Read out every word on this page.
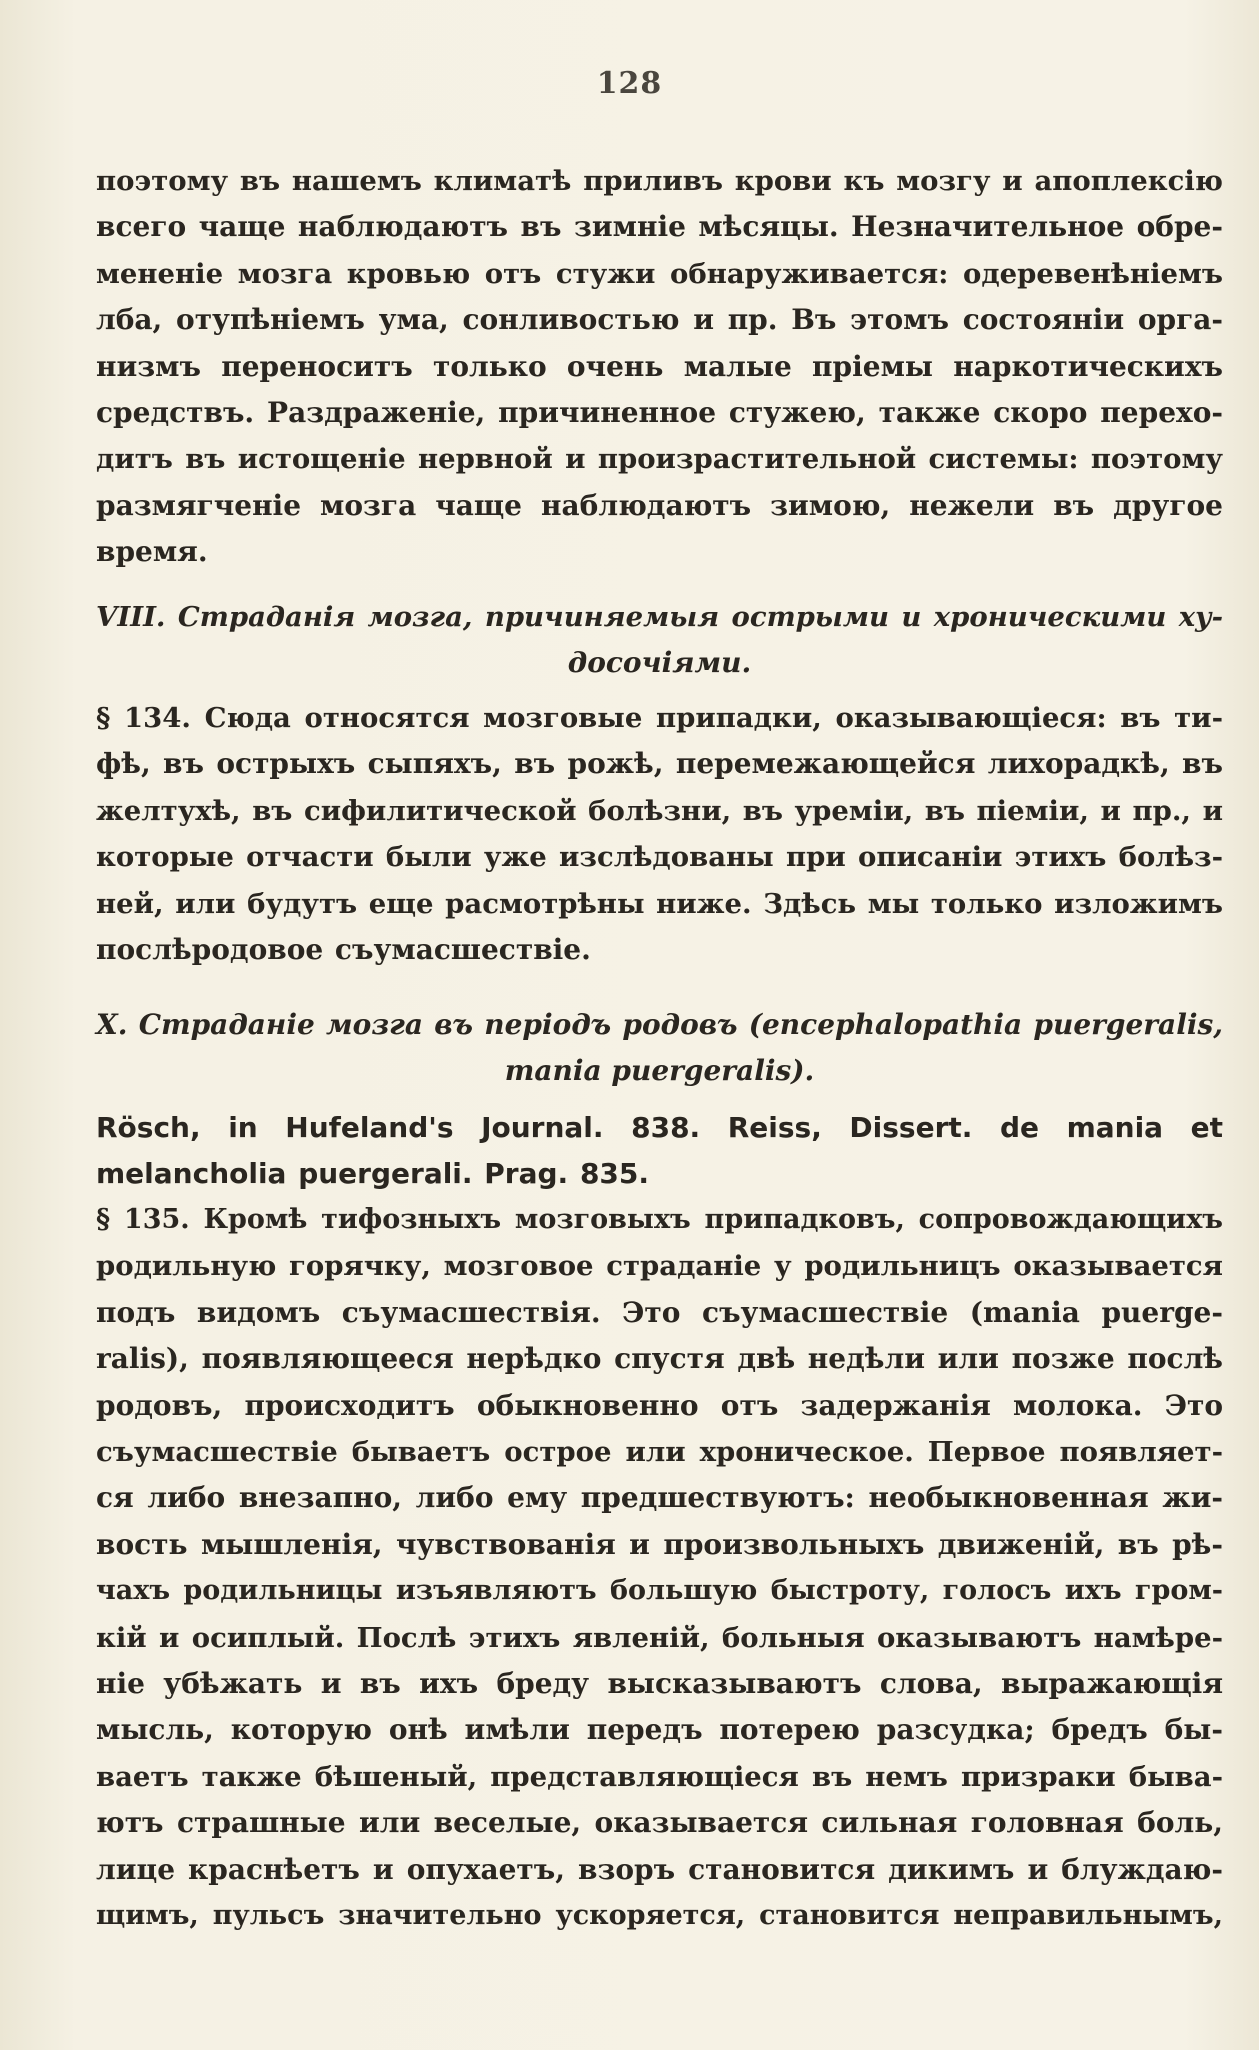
128
поэтому въ нашемъ климатѣ приливъ крови къ мозгу и апоплексію
всего чаще наблюдаютъ въ зимніе мѣсяцы. Незначительное обре-
мененіе мозга кровью отъ стужи обнаруживается: одеревенѣніемъ
лба, отупѣніемъ ума, сонливостью и пр. Въ этомъ состояніи орга-
низмъ переноситъ только очень малые пріемы наркотическихъ
средствъ. Раздраженіе, причиненное стужею, также скоро перехо-
дитъ въ истощеніе нервной и произрастительной системы: поэтому
размягченіе мозга чаще наблюдаютъ зимою, нежели въ другое
время.
VIII. Страданія мозга, причиняемыя острыми и хроническими ху-
досочіями.
§ 134. Сюда относятся мозговые припадки, оказывающіеся: въ ти-
фѣ, въ острыхъ сыпяхъ, въ рожѣ, перемежающейся лихорадкѣ, въ
желтухѣ, въ сифилитической болѣзни, въ уреміи, въ піеміи, и пр., и
которые отчасти были уже изслѣдованы при описаніи этихъ болѣз-
ней, или будутъ еще расмотрѣны ниже. Здѣсь мы только изложимъ
послѣродовое съумасшествіе.
X. Страданіе мозга въ періодъ родовъ (encephalopathia puergeralis,
mania puergeralis).
Rösch, in Hufeland's Journal. 838. Reiss, Dissert. de mania et
melancholia puergerali. Prag. 835.
§ 135. Кромѣ тифозныхъ мозговыхъ припадковъ, сопровождающихъ
родильную горячку, мозговое страданіе у родильницъ оказывается
подъ видомъ съумасшествія. Это съумасшествіе (mania puergе-
ralis), появляющееся нерѣдко спустя двѣ недѣли или позже послѣ
родовъ, происходитъ обыкновенно отъ задержанія молока. Это
съумасшествіе бываетъ острое или хроническое. Первое появляет-
ся либо внезапно, либо ему предшествуютъ: необыкновенная жи-
вость мышленія, чувствованія и произвольныхъ движеній, въ рѣ-
чахъ родильницы изъявляютъ большую быстроту, голосъ ихъ гром-
кій и осиплый. Послѣ этихъ явленій, больныя оказываютъ намѣре-
ніе убѣжать и въ ихъ бреду высказываютъ слова, выражающія
мысль, которую онѣ имѣли передъ потерею разсудка; бредъ бы-
ваетъ также бѣшеный, представляющіеся въ немъ призраки быва-
ютъ страшные или веселые, оказывается сильная головная боль,
лице краснѣетъ и опухаетъ, взоръ становится дикимъ и блуждаю-
щимъ, пульсъ значительно ускоряется, становится неправильнымъ,
